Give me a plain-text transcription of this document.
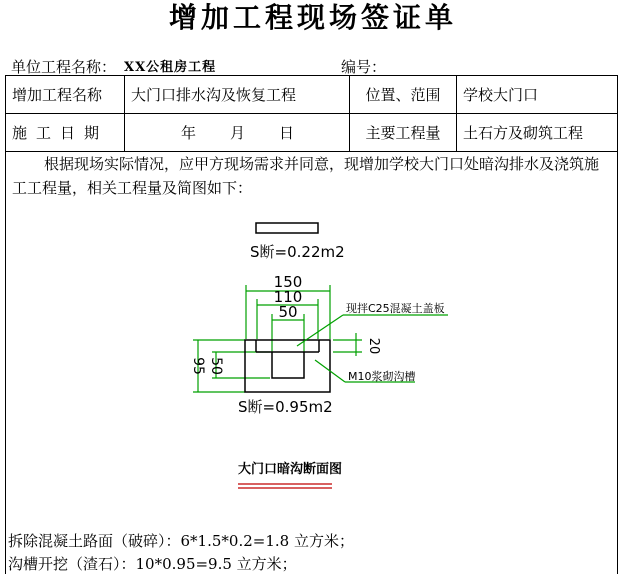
增加工程现场签证单
单位工程名称： XX公租房工程	编号：
增加工程名称	大门口排水沟及恢复工程	位置、范围	学校大门口
施工日期	年 月 日	主要工程量	土石方及砌筑工程

根据现场实际情况，应甲方现场需求并同意，现增加学校大门口处暗沟排水及浇筑施工工程量，相关工程量及简图如下：

S断=0.22m2
150
110
50
95 50
20
现拌C25混凝土盖板
M10浆砌沟槽
S断=0.95m2
大门口暗沟断面图
拆除混凝土路面（破碎）：6*1.5*0.2=1.8 立方米；
沟槽开挖（渣石）：10*0.95=9.5 立方米；
